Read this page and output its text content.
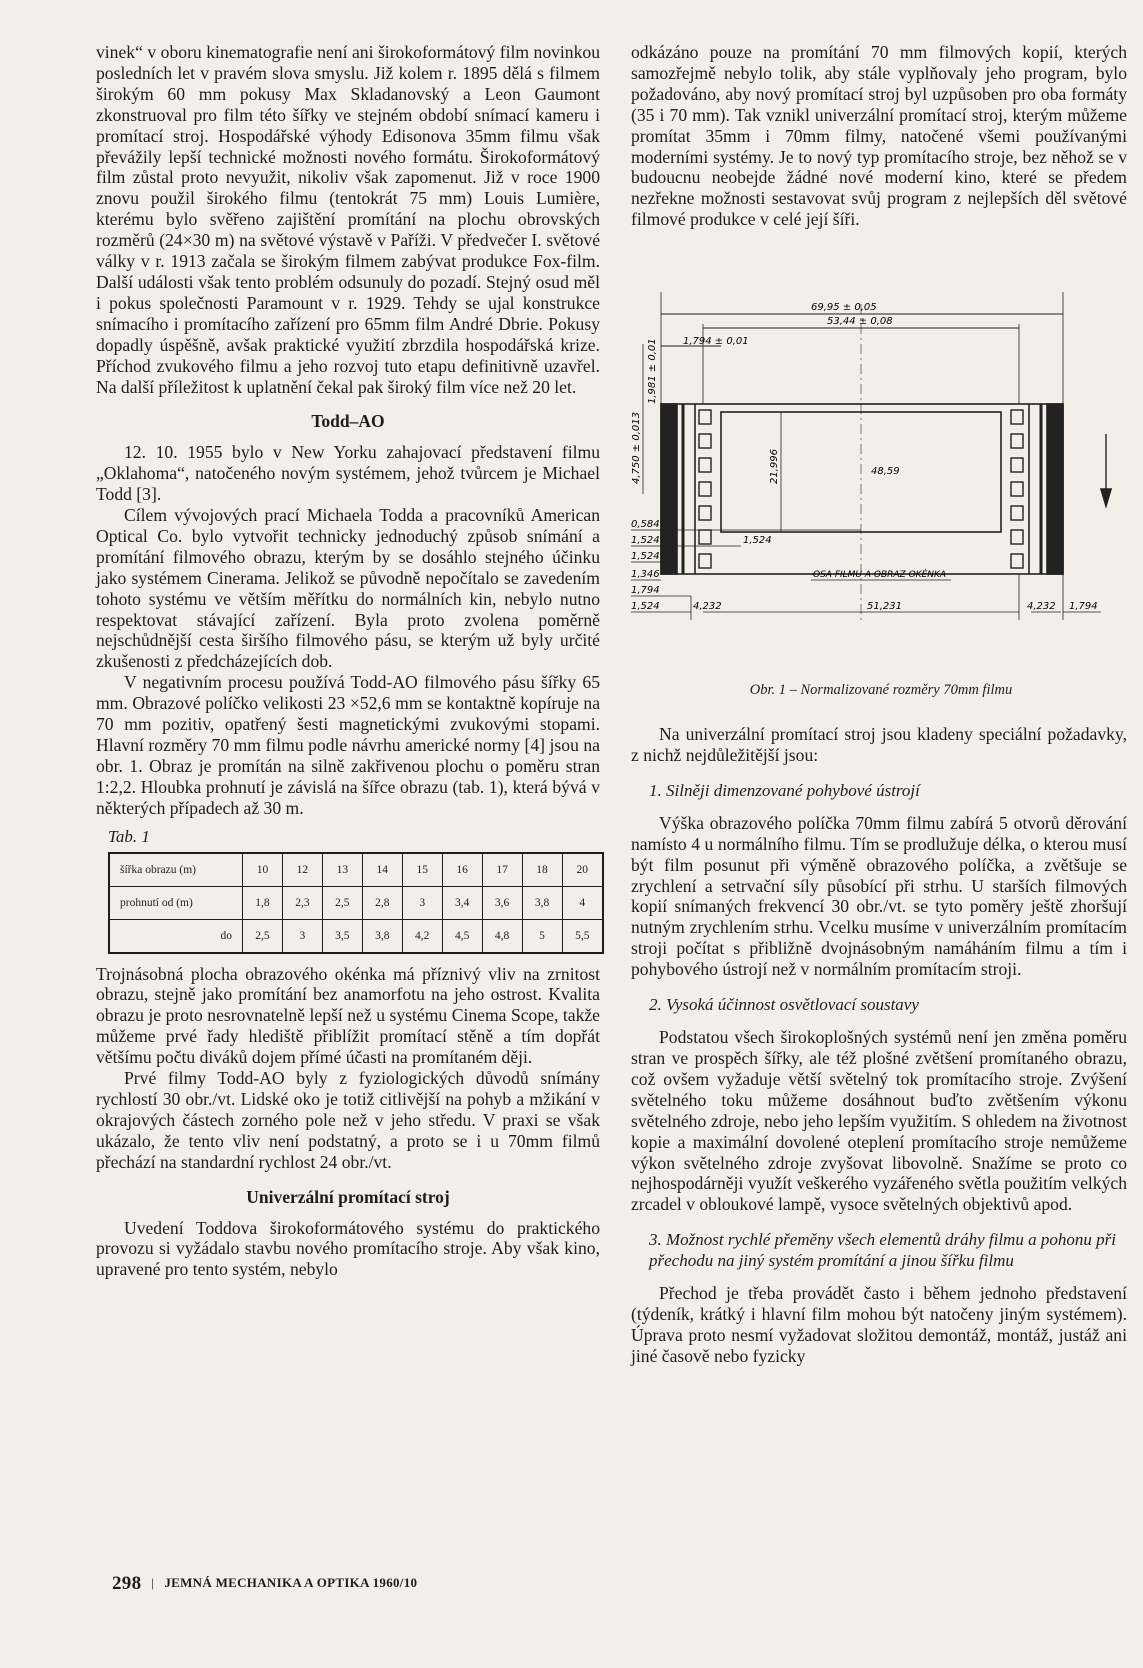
vinek“ v oboru kinematografie není ani širokoformátový film novinkou posledních let v pravém slova smyslu. Již kolem r. 1895 dělá s filmem širokým 60 mm pokusy Max Skladanovský a Leon Gaumont zkonstruoval pro film této šířky ve stejném období snímací kameru i promítací stroj. Hospodářské výhody Edisonova 35mm filmu však převážily lepší technické možnosti nového formátu. Širokoformátový film zůstal proto nevyužit, nikoliv však zapomenut. Již v roce 1900 znovu použil širokého filmu (tentokrát 75 mm) Louis Lumière, kterému bylo svěřeno zajištění promítání na plochu obrovských rozměrů (24×30 m) na světové výstavě v Paříži. V předvečer I. světové války v r. 1913 začala se širokým filmem zabývat produkce Fox-film. Další události však tento problém odsunuly do pozadí. Stejný osud měl i pokus společnosti Paramount v r. 1929. Tehdy se ujal konstrukce snímacího i promítacího zařízení pro 65mm film André Dbrie. Pokusy dopadly úspěšně, avšak praktické využití zbrzdila hospodářská krize. Příchod zvukového filmu a jeho rozvoj tuto etapu definitivně uzavřel. Na další příležitost k uplatnění čekal pak široký film více než 20 let.

Todd–AO

12. 10. 1955 bylo v New Yorku zahajovací představení filmu „Oklahoma“, natočeného novým systémem, jehož tvůrcem je Michael Todd [3].

Cílem vývojových prací Michaela Todda a pracovníků American Optical Co. bylo vytvořit technicky jednoduchý způsob snímání a promítání filmového obrazu, kterým by se dosáhlo stejného účinku jako systémem Cinerama. Jelikož se původně nepočítalo se zavedením tohoto systému ve větším měřítku do normálních kin, nebylo nutno respektovat stávající zařízení. Byla proto zvolena poměrně nejschůdnější cesta širšího filmového pásu, se kterým už byly určité zkušenosti z předcházejících dob.

V negativním procesu používá Todd-AO filmového pásu šířky 65 mm. Obrazové políčko velikosti 23 ×52,6 mm se kontaktně kopíruje na 70 mm pozitiv, opatřený šesti magnetickými zvukovými stopami. Hlavní rozměry 70 mm filmu podle návrhu americké normy [4] jsou na obr. 1. Obraz je promítán na silně zakřivenou plochu o poměru stran 1:2,2. Hloubka prohnutí je závislá na šířce obrazu (tab. 1), která bývá v některých případech až 30 m.

Tab. 1

šířka obrazu (m)	10	12	13	14	15	16	17	18	20
prohnutí od (m)	1,8	2,3	2,5	2,8	3	3,4	3,6	3,8	4
do	2,5	3	3,5	3,8	4,2	4,5	4,8	5	5,5

Trojnásobná plocha obrazového okénka má příznivý vliv na zrnitost obrazu, stejně jako promítání bez anamorfotu na jeho ostrost. Kvalita obrazu je proto nesrovnatelně lepší než u systému Cinema Scope, takže můžeme prvé řady hlediště přiblížit promítací stěně a tím dopřát většímu počtu diváků dojem přímé účasti na promítaném ději.

Prvé filmy Todd-AO byly z fyziologických důvodů snímány rychlostí 30 obr./vt. Lidské oko je totiž citlivější na pohyb a mžikání v okrajových částech zorného pole než v jeho středu. V praxi se však ukázalo, že tento vliv není podstatný, a proto se i u 70mm filmů přechází na standardní rychlost 24 obr./vt.

Univerzální promítací stroj

Uvedení Toddova širokoformátového systému do praktického provozu si vyžádalo stavbu nového promítacího stroje. Aby však kino, upravené pro tento systém, nebylo

odkázáno pouze na promítání 70 mm filmových kopií, kterých samozřejmě nebylo tolik, aby stále vyplňovaly jeho program, bylo požadováno, aby nový promítací stroj byl uzpůsoben pro oba formáty (35 i 70 mm). Tak vznikl univerzální promítací stroj, kterým můžeme promítat 35mm i 70mm filmy, natočené všemi používanými moderními systémy. Je to nový typ promítacího stroje, bez něhož se v budoucnu neobejde žádné nové moderní kino, které se předem nezřekne možnosti sestavovat svůj program z nejlepších děl světové filmové produkce v celé její šíři.

69,95 ± 0,05
53,44 ± 0,08
1,794 ± 0,01
4,750 ± 0,013
1,981 ± 0,01
21,996	48,59
0,584
1,524
1,524
1,346
1,794
1,524	4,232
1,524
OSA FILMU A OBRAZ OKÉNKA
51,231	4,232 1,794
Obr. 1 – Normalizované rozměry 70mm filmu

Na univerzální promítací stroj jsou kladeny speciální požadavky, z nichž nejdůležitější jsou:

1. Silněji dimenzované pohybové ústrojí

Výška obrazového políčka 70mm filmu zabírá 5 otvorů děrování namísto 4 u normálního filmu. Tím se prodlužuje délka, o kterou musí být film posunut při výměně obrazového políčka, a zvětšuje se zrychlení a setrvační síly působící při strhu. U starších filmových kopií snímaných frekvencí 30 obr./vt. se tyto poměry ještě zhoršují nutným zrychlením strhu. Vcelku musíme v univerzálním promítacím stroji počítat s přibližně dvojnásobným namáháním filmu a tím i pohybového ústrojí než v normálním promítacím stroji.

2. Vysoká účinnost osvětlovací soustavy

Podstatou všech širokoplošných systémů není jen změna poměru stran ve prospěch šířky, ale též plošné zvětšení promítaného obrazu, což ovšem vyžaduje větší světelný tok promítacího stroje. Zvýšení světelného toku můžeme dosáhnout buďto zvětšením výkonu světelného zdroje, nebo jeho lepším využitím. S ohledem na životnost kopie a maximální dovolené oteplení promítacího stroje nemůžeme výkon světelného zdroje zvyšovat libovolně. Snažíme se proto co nejhospodárněji využít veškerého vyzářeného světla použitím velkých zrcadel v obloukové lampě, vysoce světelných objektivů apod.

3. Možnost rychlé přeměny všech elementů dráhy filmu a pohonu při přechodu na jiný systém promítání a jinou šířku filmu

Přechod je třeba provádět často i během jednoho představení (týdeník, krátký i hlavní film mohou být natočeny jiným systémem). Úprava proto nesmí vyžadovat složitou demontáž, montáž, justáž ani jiné časově nebo fyzicky

298 | JEMNÁ MECHANIKA A OPTIKA 1960/10
